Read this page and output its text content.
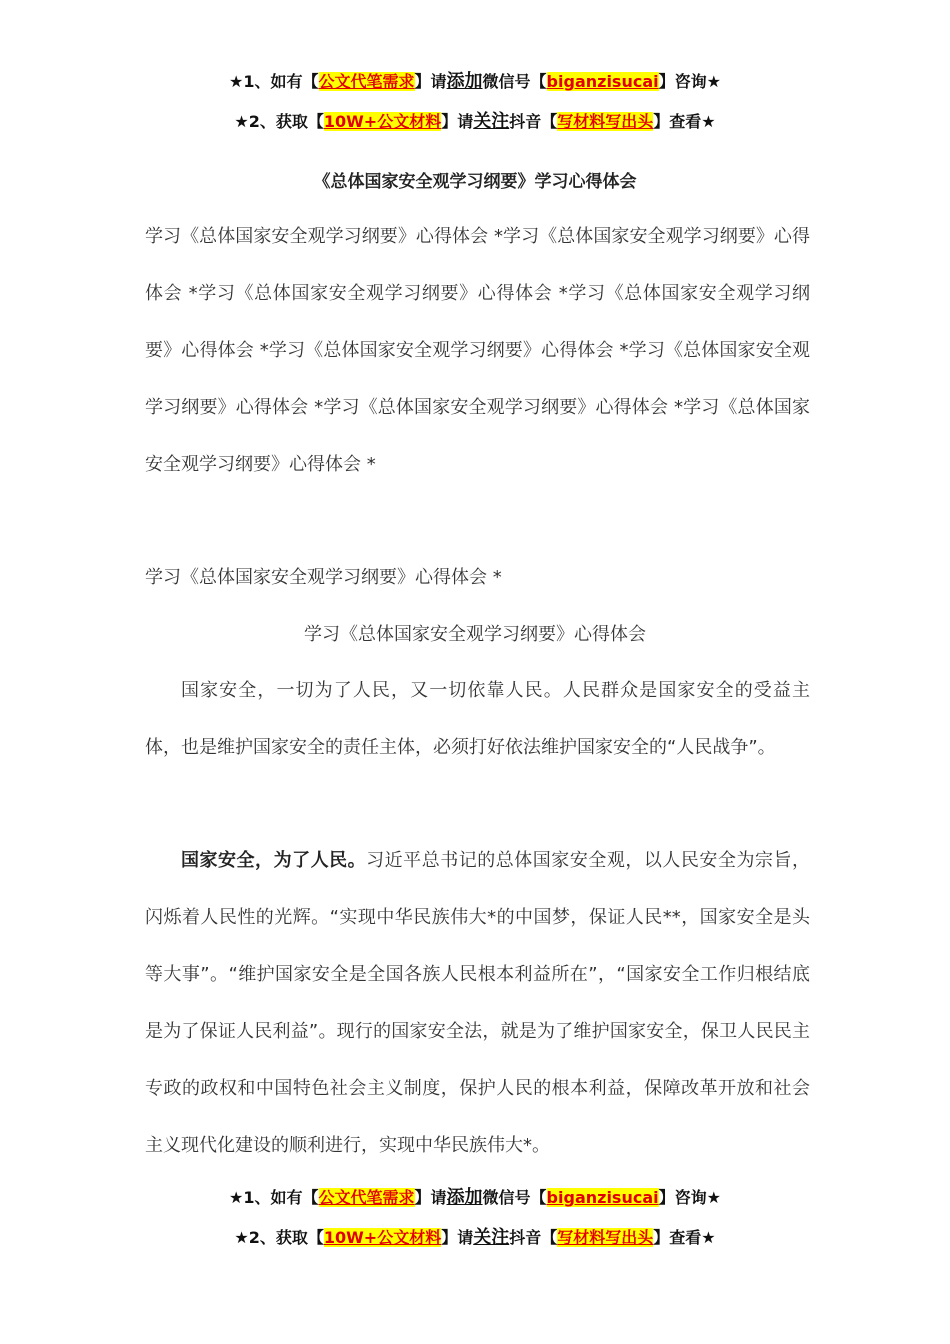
★1、如有【公文代笔需求】请添加微信号【biganzisucai】咨询★
★2、获取【10W+公文材料】请关注抖音【写材料写出头】查看★
《总体国家安全观学习纲要》学习心得体会
学习《总体国家安全观学习纲要》心得体会 *学习《总体国家安全观学习纲要》心得体会 *学习《总体国家安全观学习纲要》心得体会 *学习《总体国家安全观学习纲要》心得体会 *学习《总体国家安全观学习纲要》心得体会 *学习《总体国家安全观学习纲要》心得体会 *学习《总体国家安全观学习纲要》心得体会 *学习《总体国家安全观学习纲要》心得体会 *
学习《总体国家安全观学习纲要》心得体会 *
学习《总体国家安全观学习纲要》心得体会
国家安全，一切为了人民，又一切依靠人民。人民群众是国家安全的受益主体，也是维护国家安全的责任主体，必须打好依法维护国家安全的“人民战争”。
国家安全，为了人民。习近平总书记的总体国家安全观，以人民安全为宗旨，闪烁着人民性的光辉。“实现中华民族伟大*的中国梦，保证人民**，国家安全是头等大事”。“维护国家安全是全国各族人民根本利益所在”，“国家安全工作归根结底是为了保证人民利益”。现行的国家安全法，就是为了维护国家安全，保卫人民民主专政的政权和中国特色社会主义制度，保护人民的根本利益，保障改革开放和社会主义现代化建设的顺利进行，实现中华民族伟大*。
★1、如有【公文代笔需求】请添加微信号【biganzisucai】咨询★
★2、获取【10W+公文材料】请关注抖音【写材料写出头】查看★
